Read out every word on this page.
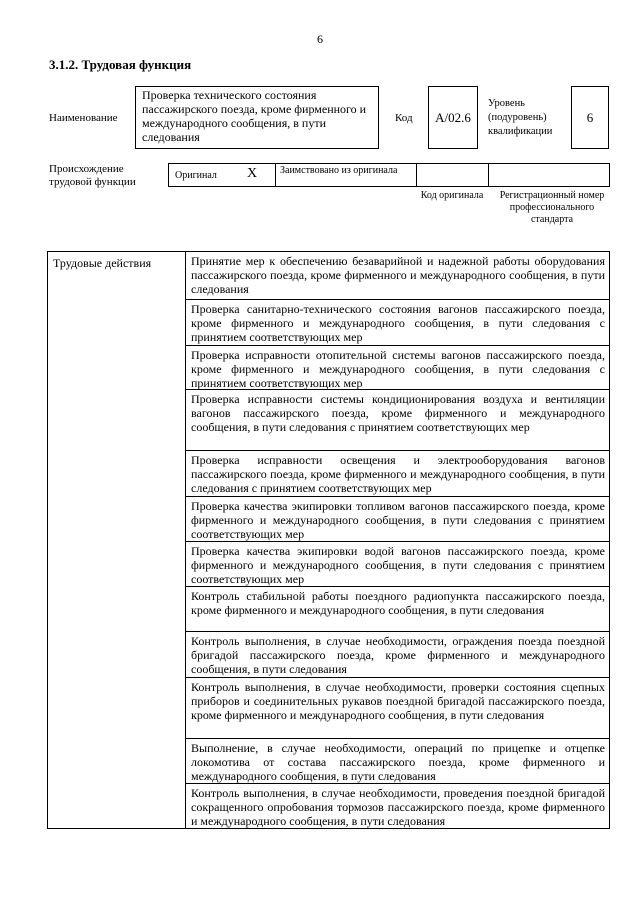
6
3.1.2. Трудовая функция
Наименование
Проверка технического состояния пассажирского поезда, кроме фирменного и международного сообщения, в пути следования
Код	A/02.6
Уровень (подуровень) квалификации
6
Происхождение трудовой функции
Оригинал X	Заимствовано из оригинала
Код оригинала	Регистрационный номер профессионального стандарта
Трудовые действия	Принятие мер к обеспечению безаварийной и надежной работы оборудования пассажирского поезда, кроме фирменного и международного сообщения, в пути следования
Проверка санитарно-технического состояния вагонов пассажирского поезда, кроме фирменного и международного сообщения, в пути следования с принятием соответствующих мер
Проверка исправности отопительной системы вагонов пассажирского поезда, кроме фирменного и международного сообщения, в пути следования с принятием соответствующих мер
Проверка исправности системы кондиционирования воздуха и вентиляции вагонов пассажирского поезда, кроме фирменного и международного сообщения, в пути следования с принятием соответствующих мер
Проверка исправности освещения и электрооборудования вагонов пассажирского поезда, кроме фирменного и международного сообщения, в пути следования с принятием соответствующих мер
Проверка качества экипировки топливом вагонов пассажирского поезда, кроме фирменного и международного сообщения, в пути следования с принятием соответствующих мер
Проверка качества экипировки водой вагонов пассажирского поезда, кроме фирменного и международного сообщения, в пути следования с принятием соответствующих мер
Контроль стабильной работы поездного радиопункта пассажирского поезда, кроме фирменного и международного сообщения, в пути следования
Контроль выполнения, в случае необходимости, ограждения поезда поездной бригадой пассажирского поезда, кроме фирменного и международного сообщения, в пути следования
Контроль выполнения, в случае необходимости, проверки состояния сцепных приборов и соединительных рукавов поездной бригадой пассажирского поезда, кроме фирменного и международного сообщения, в пути следования
Выполнение, в случае необходимости, операций по прицепке и отцепке локомотива от состава пассажирского поезда, кроме фирменного и международного сообщения, в пути следования
Контроль выполнения, в случае необходимости, проведения поездной бригадой сокращенного опробования тормозов пассажирского поезда, кроме фирменного и международного сообщения, в пути следования
